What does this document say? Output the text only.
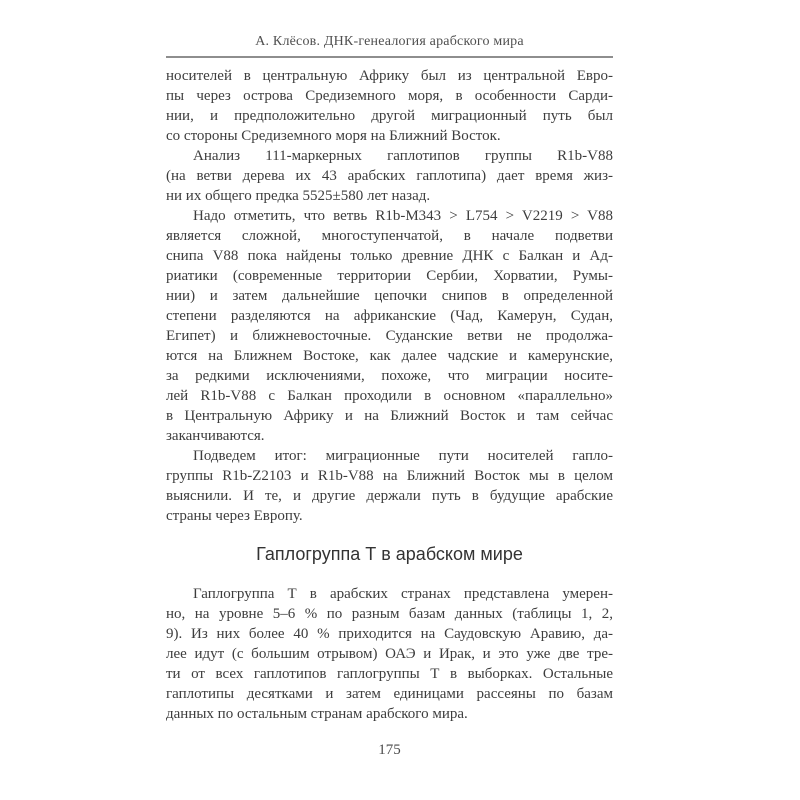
А. Клёсов. ДНК-генеалогия арабского мира
носителей в центральную Африку был из центральной Евро-
пы через острова Средиземного моря, в особенности Сарди-
нии, и предположительно другой миграционный путь был
со стороны Средиземного моря на Ближний Восток.
Анализ 111-маркерных гаплотипов группы R1b-V88
(на ветви дерева их 43 арабских гаплотипа) дает время жиз-
ни их общего предка 5525±580 лет назад.
Надо отметить, что ветвь R1b-M343 > L754 > V2219 > V88
является сложной, многоступенчатой, в начале подветви
снипа V88 пока найдены только древние ДНК с Балкан и Ад-
риатики (современные территории Сербии, Хорватии, Румы-
нии) и затем дальнейшие цепочки снипов в определенной
степени разделяются на африканские (Чад, Камерун, Судан,
Египет) и ближневосточные. Суданские ветви не продолжа-
ются на Ближнем Востоке, как далее чадские и камерунские,
за редкими исключениями, похоже, что миграции носите-
лей R1b-V88 с Балкан проходили в основном «параллельно»
в Центральную Африку и на Ближний Восток и там сейчас
заканчиваются.
Подведем итог: миграционные пути носителей гапло-
группы R1b-Z2103 и R1b-V88 на Ближний Восток мы в целом
выяснили. И те, и другие держали путь в будущие арабские
страны через Европу.
Гаплогруппа Т в арабском мире
Гаплогруппа Т в арабских странах представлена умерен-
но, на уровне 5–6 % по разным базам данных (таблицы 1, 2,
9). Из них более 40 % приходится на Саудовскую Аравию, да-
лее идут (с большим отрывом) ОАЭ и Ирак, и это уже две тре-
ти от всех гаплотипов гаплогруппы Т в выборках. Остальные
гаплотипы десятками и затем единицами рассеяны по базам
данных по остальным странам арабского мира.
175
